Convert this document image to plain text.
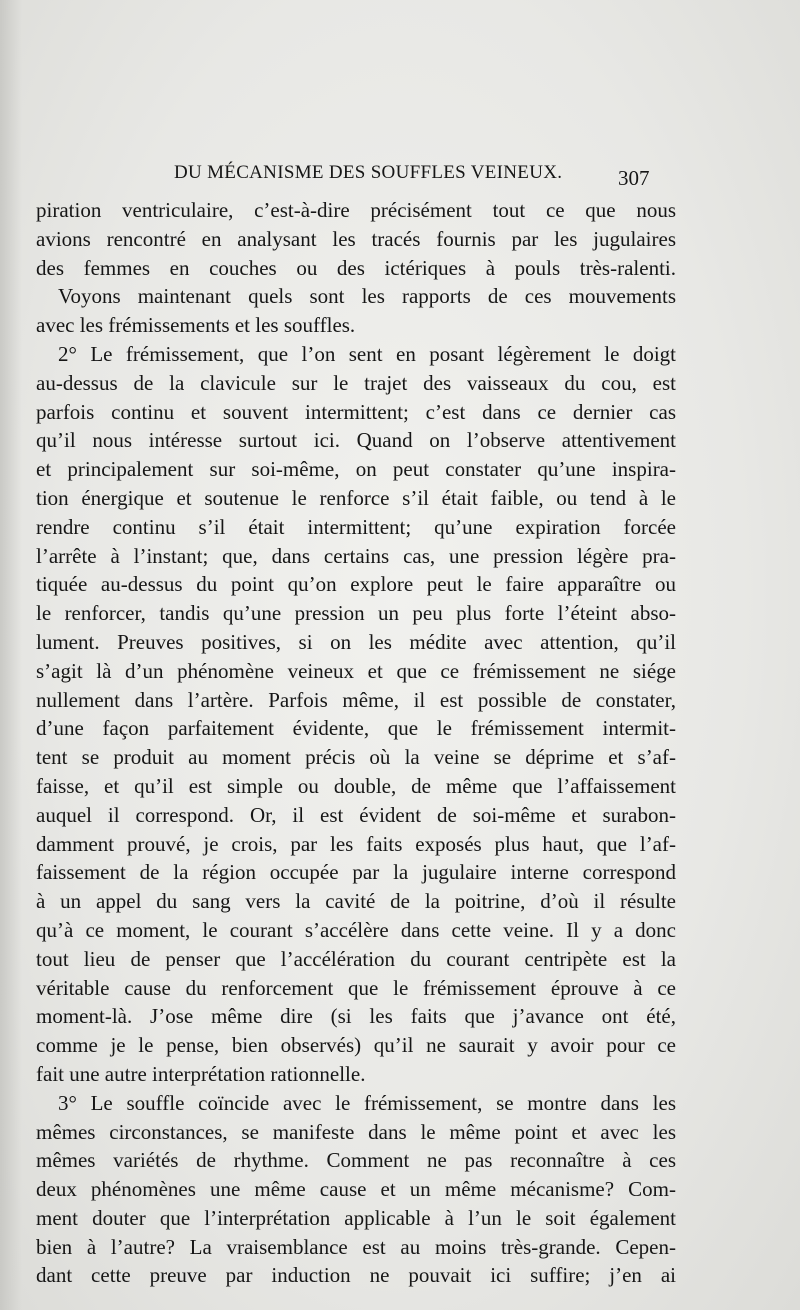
DU MÉCANISME DES SOUFFLES VEINEUX.	307
piration ventriculaire, c’est-à-dire précisément tout ce que nous
avions rencontré en analysant les tracés fournis par les jugulaires
des femmes en couches ou des ictériques à pouls très-ralenti.
Voyons maintenant quels sont les rapports de ces mouvements
avec les frémissements et les souffles.
2° Le frémissement, que l’on sent en posant légèrement le doigt
au-dessus de la clavicule sur le trajet des vaisseaux du cou, est
parfois continu et souvent intermittent; c’est dans ce dernier cas
qu’il nous intéresse surtout ici. Quand on l’observe attentivement
et principalement sur soi-même, on peut constater qu’une inspira-
tion énergique et soutenue le renforce s’il était faible, ou tend à le
rendre continu s’il était intermittent; qu’une expiration forcée
l’arrête à l’instant; que, dans certains cas, une pression légère pra-
tiquée au-dessus du point qu’on explore peut le faire apparaître ou
le renforcer, tandis qu’une pression un peu plus forte l’éteint abso-
lument. Preuves positives, si on les médite avec attention, qu’il
s’agit là d’un phénomène veineux et que ce frémissement ne siége
nullement dans l’artère. Parfois même, il est possible de constater,
d’une façon parfaitement évidente, que le frémissement intermit-
tent se produit au moment précis où la veine se déprime et s’af-
faisse, et qu’il est simple ou double, de même que l’affaissement
auquel il correspond. Or, il est évident de soi-même et surabon-
damment prouvé, je crois, par les faits exposés plus haut, que l’af-
faissement de la région occupée par la jugulaire interne correspond
à un appel du sang vers la cavité de la poitrine, d’où il résulte
qu’à ce moment, le courant s’accélère dans cette veine. Il y a donc
tout lieu de penser que l’accélération du courant centripète est la
véritable cause du renforcement que le frémissement éprouve à ce
moment-là. J’ose même dire (si les faits que j’avance ont été,
comme je le pense, bien observés) qu’il ne saurait y avoir pour ce
fait une autre interprétation rationnelle.
3° Le souffle coïncide avec le frémissement, se montre dans les
mêmes circonstances, se manifeste dans le même point et avec les
mêmes variétés de rhythme. Comment ne pas reconnaître à ces
deux phénomènes une même cause et un même mécanisme? Com-
ment douter que l’interprétation applicable à l’un le soit également
bien à l’autre? La vraisemblance est au moins très-grande. Cepen-
dant cette preuve par induction ne pouvait ici suffire; j’en ai
